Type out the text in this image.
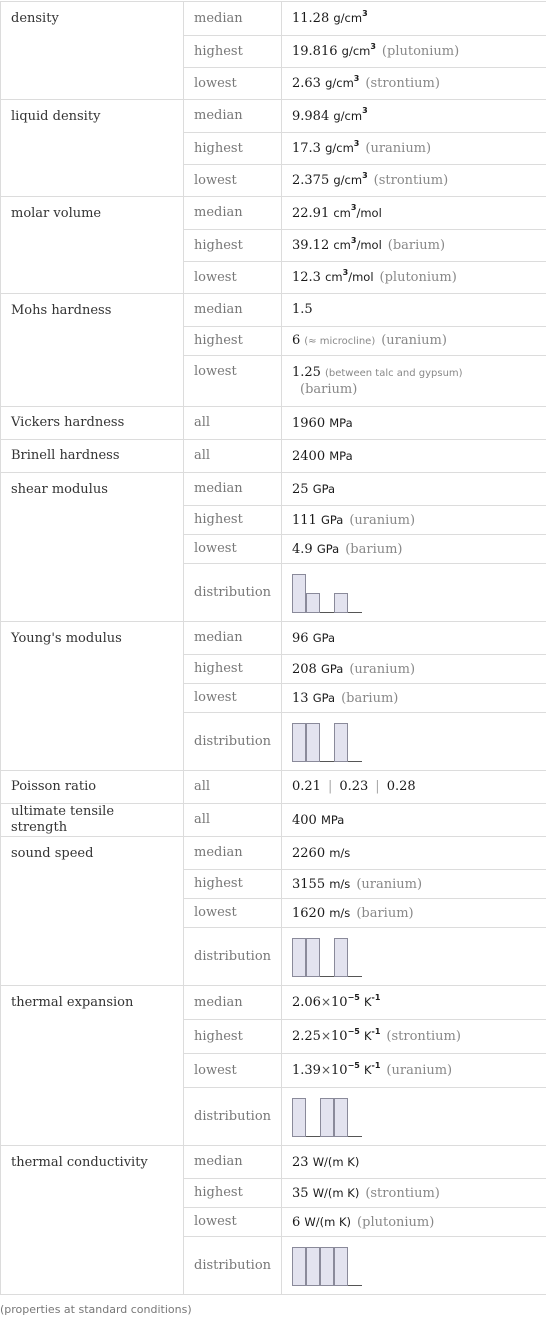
density	median	11.28 $g/cm^3$
	highest	19.816 $g/cm^3$ (plutonium)
	lowest	2.63 $g/cm^3$ (strontium)
liquid density	median	9.984 $g/cm^3$
	highest	17.3 $g/cm^3$ (uranium)
	lowest	2.375 $g/cm^3$ (strontium)
molar volume	median	22.91 $cm^3$/mol
	highest	39.12 $cm^3$/mol (barium)
	lowest	12.3 $cm^3$/mol (plutonium)
Mohs hardness	median	1.5
	highest	6 (≈ microcline) (uranium)
	lowest	1.25 (between talc and gypsum)
(barium)
Vickers hardness	all	1960 MPa
Brinell hardness	all	2400 MPa
shear modulus	median	25 GPa
	highest	111 GPa (uranium)
	lowest	4.9 GPa (barium)
	distribution	

Young's modulus	median	96 GPa
	highest	208 GPa (uranium)
	lowest	13 GPa (barium)
	distribution	

Poisson ratio	all	0.21 | 0.23 | 0.28
ultimate tensile strength	all	400 MPa
sound speed	median	2260 m/s
	highest	3155 m/s (uranium)
	lowest	1620 m/s (barium)
	distribution	

thermal expansion	median	$2.06\times 10^{-5}$ $K^{-1}$
	highest	$2.25\times 10^{-5}$ $K^{-1}$ (strontium)
	lowest	$1.39\times 10^{-5}$ $K^{-1}$ (uranium)
	distribution	

thermal conductivity	median	23 W/(m K)
	highest	35 W/(m K) (strontium)
	lowest	6 W/(m K) (plutonium)
	distribution	
(properties at standard conditions)
